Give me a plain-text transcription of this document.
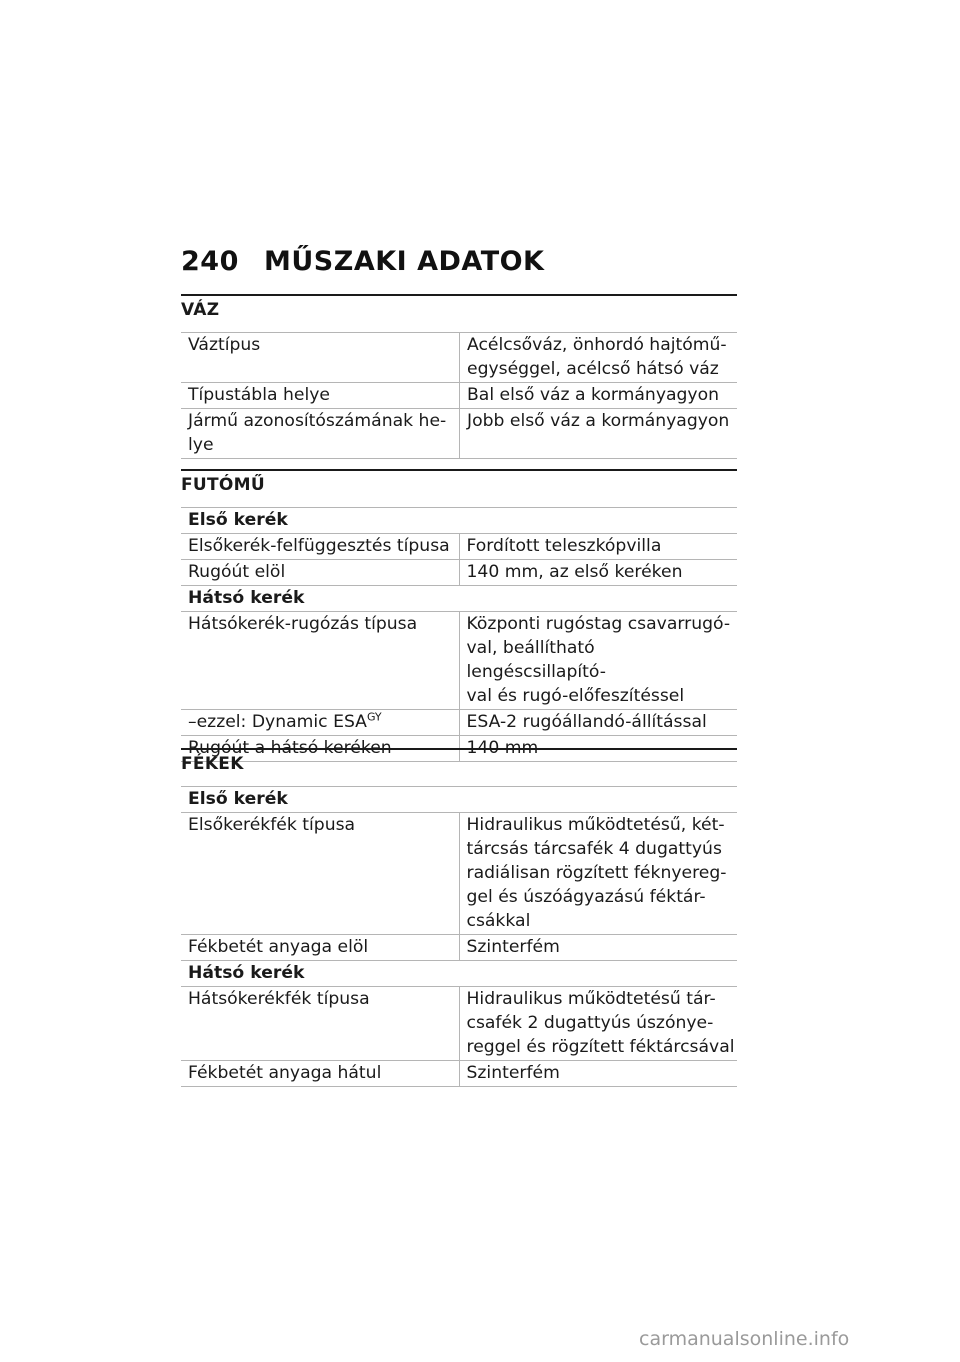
240 MŰSZAKI ADATOK
VÁZ
Váztípus	Acélcsőváz, önhordó hajtómű-
egységgel, acélcső hátsó váz

Típustábla helye	Bal első váz a kormányagyon

Jármű azonosítószámának he-
lye	Jobb első váz a kormányagyon
FUTÓMŰ
Első kerék	

Elsőkerék-felfüggesztés típusa	Fordított teleszkópvilla

Rugóút elöl	140 mm, az első keréken

Hátsó kerék	

Hátsókerék-rugózás típusa	Központi rugóstag csavarrugó-
val, beállítható lengéscsillapító-
val és rugó-előfeszítéssel

–ezzel: Dynamic $ESA^{GY}$	ESA-2 rugóállandó-állítással

Rugóút a hátsó keréken	140 mm
FÉKEK
Első kerék	

Elsőkerékfék típusa	Hidraulikus működtetésű, két-
tárcsás tárcsafék 4 dugattyús
radiálisan rögzített féknyereg-
gel és úszóágyazású féktár-
csákkal

Fékbetét anyaga elöl	Szinterfém

Hátsó kerék	

Hátsókerékfék típusa	Hidraulikus működtetésű tár-
csafék 2 dugattyús úszónye-
reggel és rögzített féktárcsával

Fékbetét anyaga hátul	Szinterfém
carmanualsonline.info
